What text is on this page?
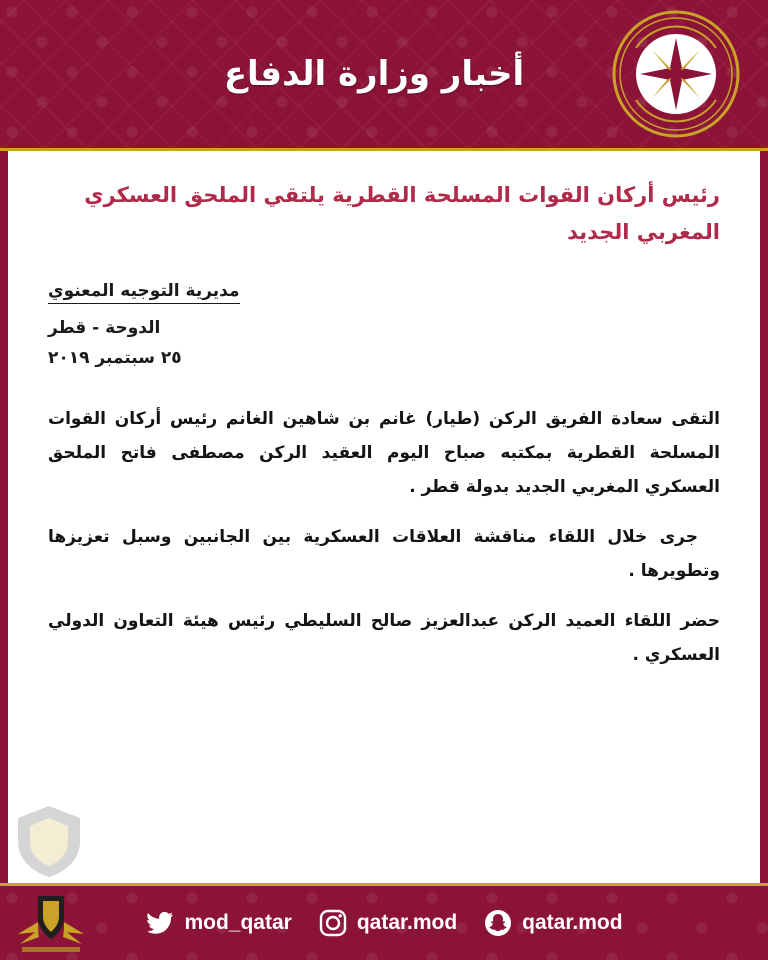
أخبار وزارة الدفاع
رئيس أركان القوات المسلحة القطرية يلتقي الملحق العسكري المغربي الجديد
مديرية التوجيه المعنوي
الدوحة - قطر
٢٥ سبتمبر ٢٠١٩

التقى سعادة الفريق الركن (طيار) غانم بن شاهين الغانم رئيس أركان القوات المسلحة القطرية بمكتبه صباح اليوم العقيد الركن مصطفى فاتح الملحق العسكري المغربي الجديد بدولة قطر .

جرى خلال اللقاء مناقشة العلاقات العسكرية بين الجانبين وسبل تعزيزها وتطويرها .

حضر اللقاء العميد الركن عبدالعزيز صالح السليطي رئيس هيئة التعاون الدولي العسكري .

mod_qatar	qatar.mod	qatar.mod
